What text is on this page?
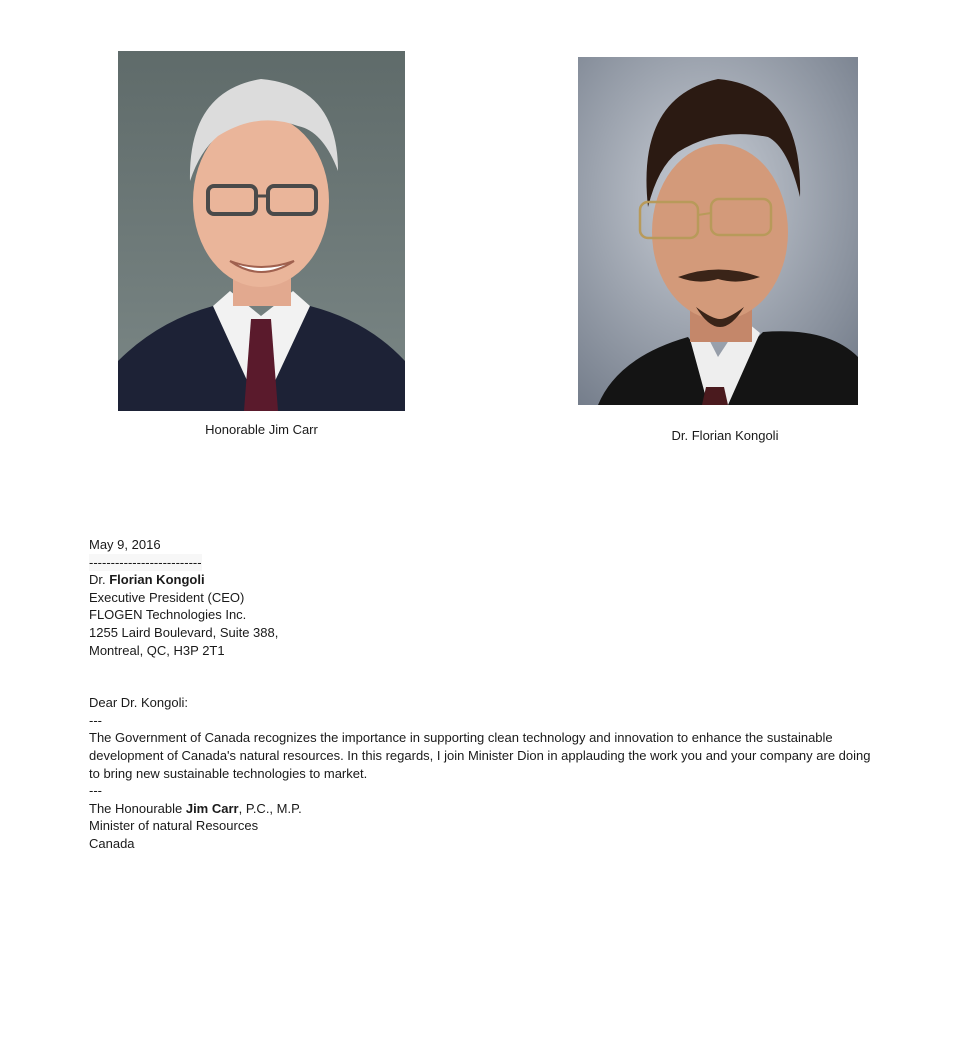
Honorable Jim Carr	Dr. Florian Kongoli
May 9, 2016
--------------------------
Dr. Florian Kongoli
Executive President (CEO)
FLOGEN Technologies Inc.
1255 Laird Boulevard, Suite 388,
Montreal, QC, H3P 2T1
Dear Dr. Kongoli:
---
The Government of Canada recognizes the importance in supporting clean technology and innovation to enhance the sustainable development of Canada's natural resources. In this regards, I join Minister Dion in applauding the work you and your company are doing to bring new sustainable technologies to market.
---
The Honourable Jim Carr, P.C., M.P.
Minister of natural Resources
Canada
